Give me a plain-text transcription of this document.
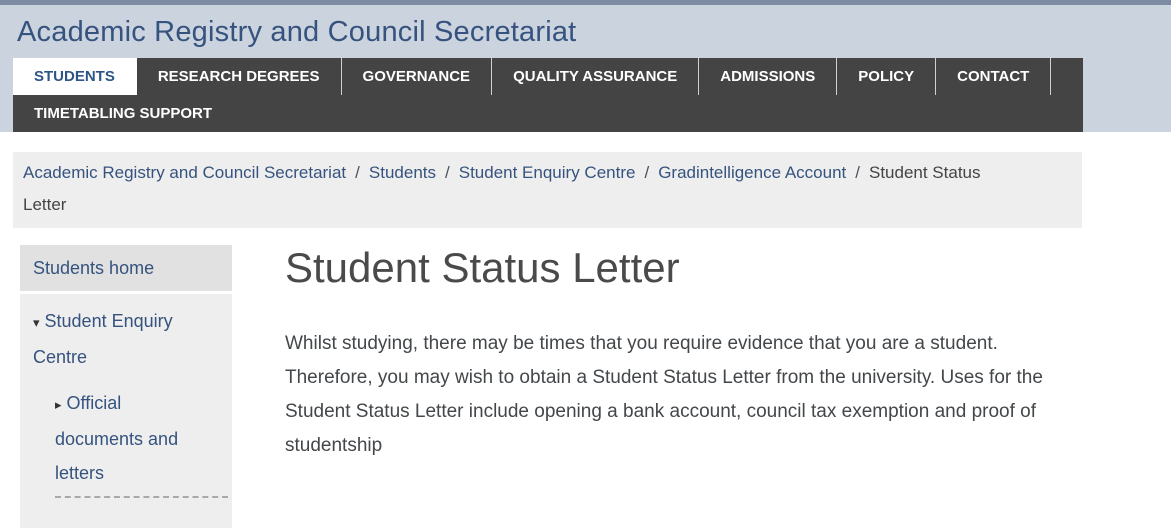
Academic Registry and Council Secretariat
STUDENTS	RESEARCH DEGREES	GOVERNANCE	QUALITY ASSURANCE	ADMISSIONS	POLICY	CONTACT
TIMETABLING SUPPORT
Academic Registry and Council Secretariat / Students / Student Enquiry Centre / Gradintelligence Account / Student Status Letter
Students home
▾ Student Enquiry Centre
▸ Official documents and letters
Student Status Letter

Whilst studying, there may be times that you require evidence that you are a student. Therefore, you may wish to obtain a Student Status Letter from the university. Uses for the Student Status Letter include opening a bank account, council tax exemption and proof of studentship
